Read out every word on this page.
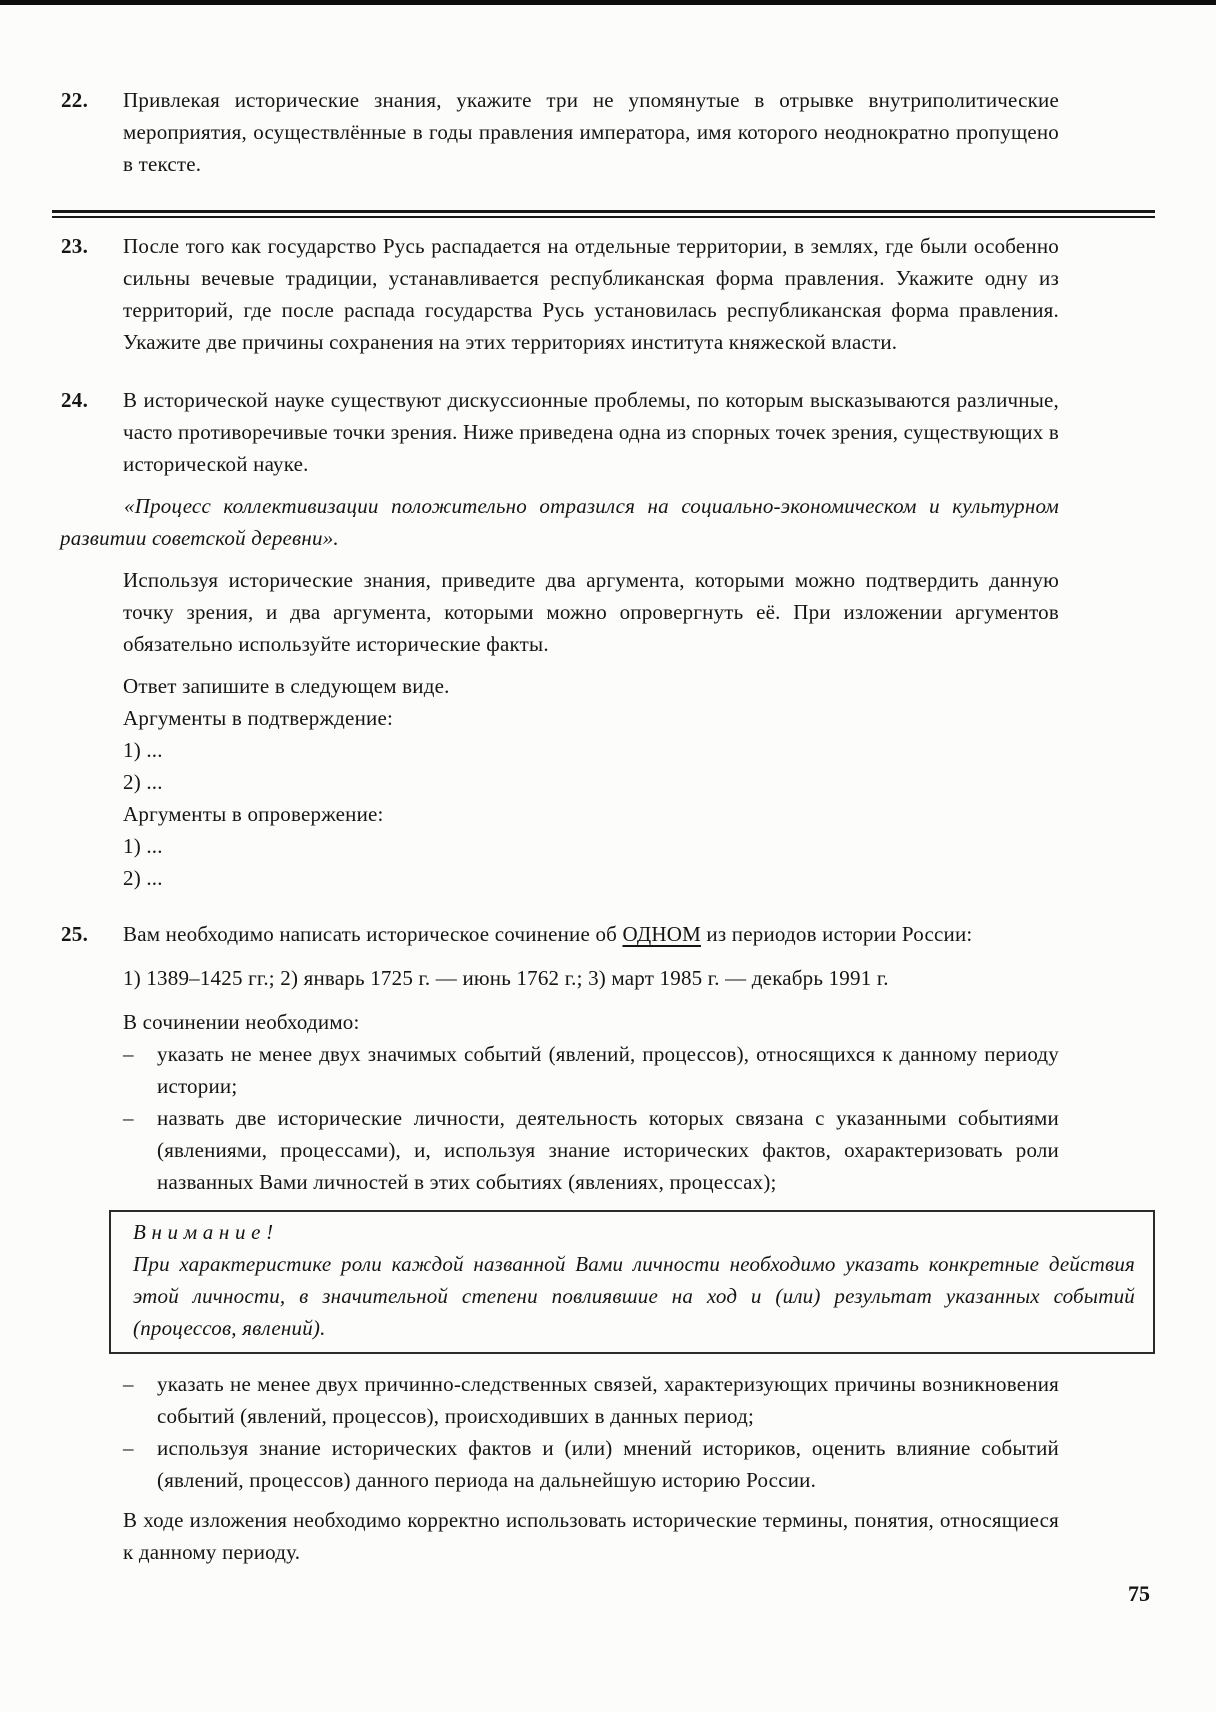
22. Привлекая исторические знания, укажите три не упомянутые в отрывке внутриполитические мероприятия, осуществлённые в годы правления императора, имя которого неоднократно пропущено в тексте.

23. После того как государство Русь распадается на отдельные территории, в землях, где были особенно сильны вечевые традиции, устанавливается республиканская форма правления. Укажите одну из территорий, где после распада государства Русь установилась республиканская форма правления. Укажите две причины сохранения на этих территориях института княжеской власти.

24. В исторической науке существуют дискуссионные проблемы, по которым высказываются различные, часто противоречивые точки зрения. Ниже приведена одна из спорных точек зрения, существующих в исторической науке.

«Процесс коллективизации положительно отразился на социально-экономическом и культурном развитии советской деревни».

Используя исторические знания, приведите два аргумента, которыми можно подтвердить данную точку зрения, и два аргумента, которыми можно опровергнуть её. При изложении аргументов обязательно используйте исторические факты.

Ответ запишите в следующем виде.

Аргументы в подтверждение:

1) ...

2) ...

Аргументы в опровержение:

1) ...

2) ...

25. Вам необходимо написать историческое сочинение об ОДНОМ из периодов истории России:

1) 1389–1425 гг.; 2) январь 1725 г. — июнь 1762 г.; 3) март 1985 г. — декабрь 1991 г.

В сочинении необходимо:

–	указать не менее двух значимых событий (явлений, процессов), относящихся к данному периоду истории;

–	назвать две исторические личности, деятельность которых связана с указанными событиями (явлениями, процессами), и, используя знание исторических фактов, охарактеризовать роли названных Вами личностей в этих событиях (явлениях, процессах);

В н и м а н и е !

При характеристике роли каждой названной Вами личности необходимо указать конкретные действия этой личности, в значительной степени повлиявшие на ход и (или) результат указанных событий (процессов, явлений).

–	указать не менее двух причинно-следственных связей, характеризующих причины возникновения событий (явлений, процессов), происходивших в данных период;

–	используя знание исторических фактов и (или) мнений историков, оценить влияние событий (явлений, процессов) данного периода на дальнейшую историю России.

В ходе изложения необходимо корректно использовать исторические термины, понятия, относящиеся к данному периоду.

75
